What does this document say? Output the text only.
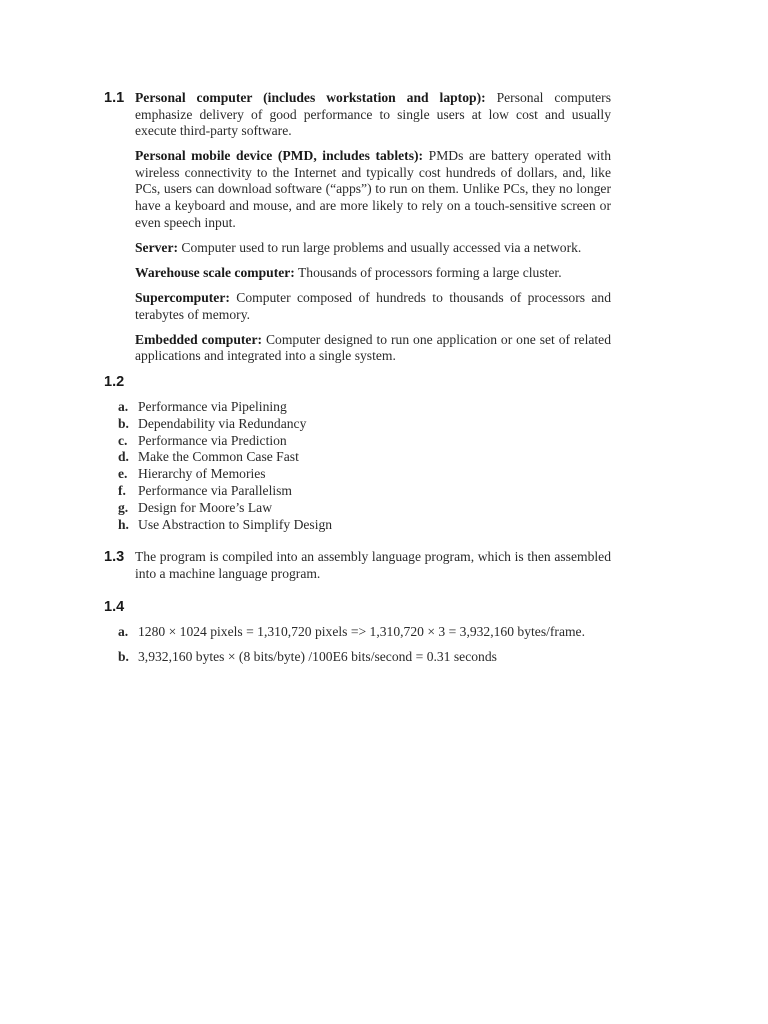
1.1 Personal computer (includes workstation and laptop): Personal computers emphasize delivery of good performance to single users at low cost and usually execute third-party software.

Personal mobile device (PMD, includes tablets): PMDs are battery operated with wireless connectivity to the Internet and typically cost hundreds of dollars, and, like PCs, users can download software (“apps”) to run on them. Unlike PCs, they no longer have a keyboard and mouse, and are more likely to rely on a touch-sensitive screen or even speech input.

Server: Computer used to run large problems and usually accessed via a network.

Warehouse scale computer: Thousands of processors forming a large cluster.

Supercomputer: Computer composed of hundreds to thousands of processors and terabytes of memory.

Embedded computer: Computer designed to run one application or one set of related applications and integrated into a single system.

1.2
a. Performance via Pipelining
b. Dependability via Redundancy
c. Performance via Prediction
d. Make the Common Case Fast
e. Hierarchy of Memories
f. Performance via Parallelism
g. Design for Moore’s Law
h. Use Abstraction to Simplify Design
1.3 The program is compiled into an assembly language program, which is then assembled into a machine language program.

1.4
a. 1280 × 1024 pixels = 1,310,720 pixels => 1,310,720 × 3 = 3,932,160 bytes/frame.
b. 3,932,160 bytes × (8 bits/byte) /100E6 bits/second = 0.31 seconds
